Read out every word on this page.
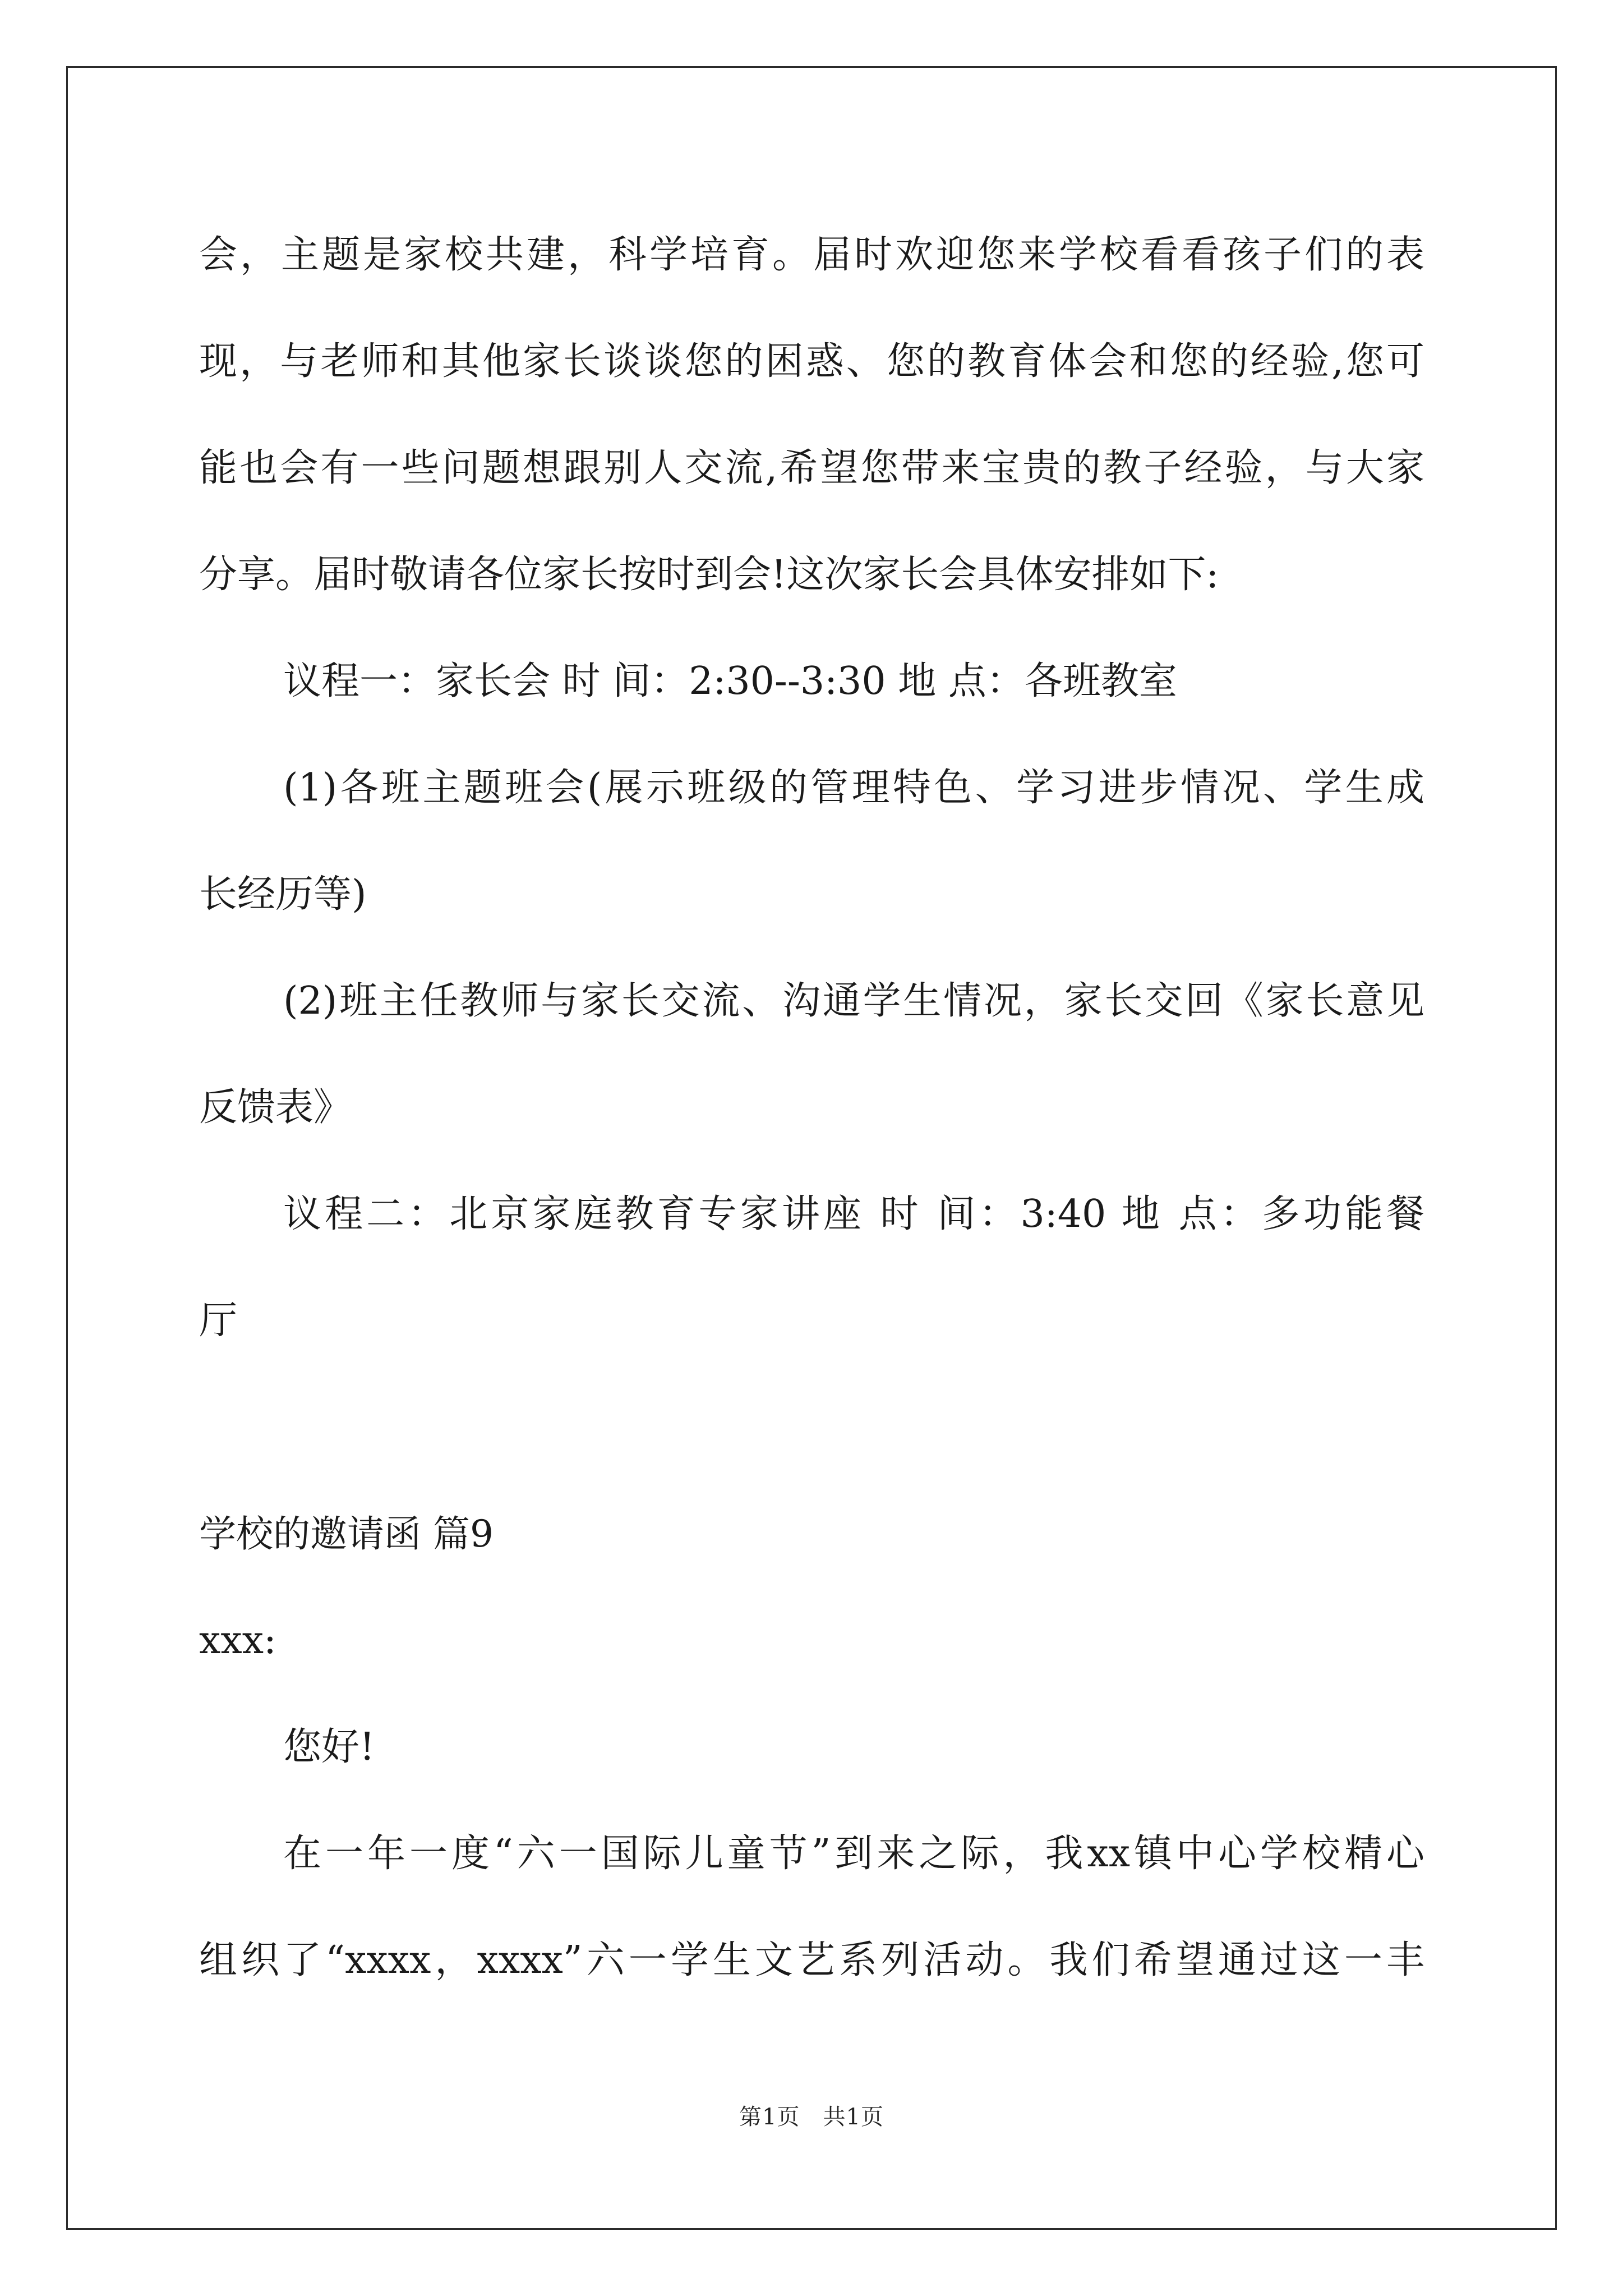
会，主题是家校共建，科学培育。届时欢迎您来学校看看孩子们的表
现，与老师和其他家长谈谈您的困惑、您的教育体会和您的经验,您可
能也会有一些问题想跟别人交流,希望您带来宝贵的教子经验，与大家
分享。届时敬请各位家长按时到会!这次家长会具体安排如下:
议程一：家长会 时 间：2:30--3:30 地 点：各班教室
(1)各班主题班会(展示班级的管理特色、学习进步情况、学生成
长经历等)
(2)班主任教师与家长交流、沟通学生情况，家长交回《家长意见
反馈表》
议程二：北京家庭教育专家讲座 时 间：3:40 地 点：多功能餐
厅
学校的邀请函 篇9
xxx:
您好!
在一年一度“六一国际儿童节”到来之际，我xx镇中心学校精心
组织了“xxxx，xxxx”六一学生文艺系列活动。我们希望通过这一丰
第1页　共1页
